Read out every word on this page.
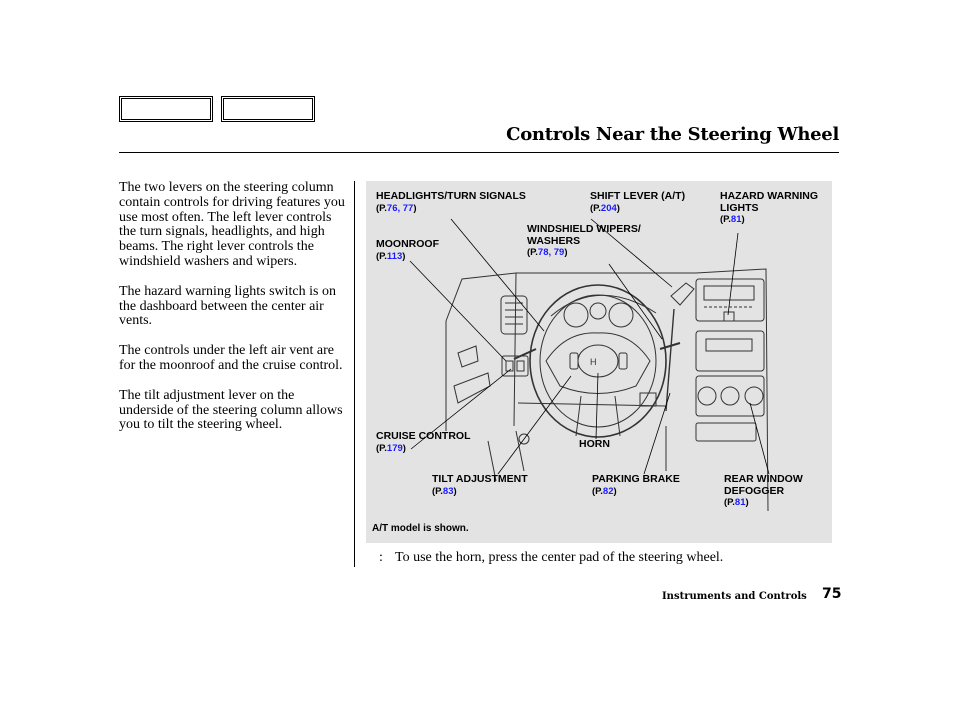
Controls Near the Steering Wheel

The two levers on the steering column contain controls for driving features you use most often. The left lever controls the turn signals, headlights, and high beams. The right lever controls the windshield washers and wipers.

The hazard warning lights switch is on the dashboard between the center air vents.

The controls under the left air vent are for the moonroof and the cruise control.

The tilt adjustment lever on the underside of the steering column allows you to tilt the steering wheel.

H
HEADLIGHTS/TURN SIGNALS
(P.76, 77)
SHIFT LEVER (A/T)
(P.204)
HAZARD WARNING
LIGHTS
(P.81)
WINDSHIELD WIPERS/
WASHERS
(P.78, 79)
MOONROOF
(P.113)
CRUISE CONTROL
(P.179)	HORN
TILT ADJUSTMENT
(P.83)
PARKING BRAKE
(P.82)
REAR WINDOW
DEFOGGER
(P.81)
A/T model is shown.
: To use the horn, press the center pad of the steering wheel.
Instruments and Controls 75
